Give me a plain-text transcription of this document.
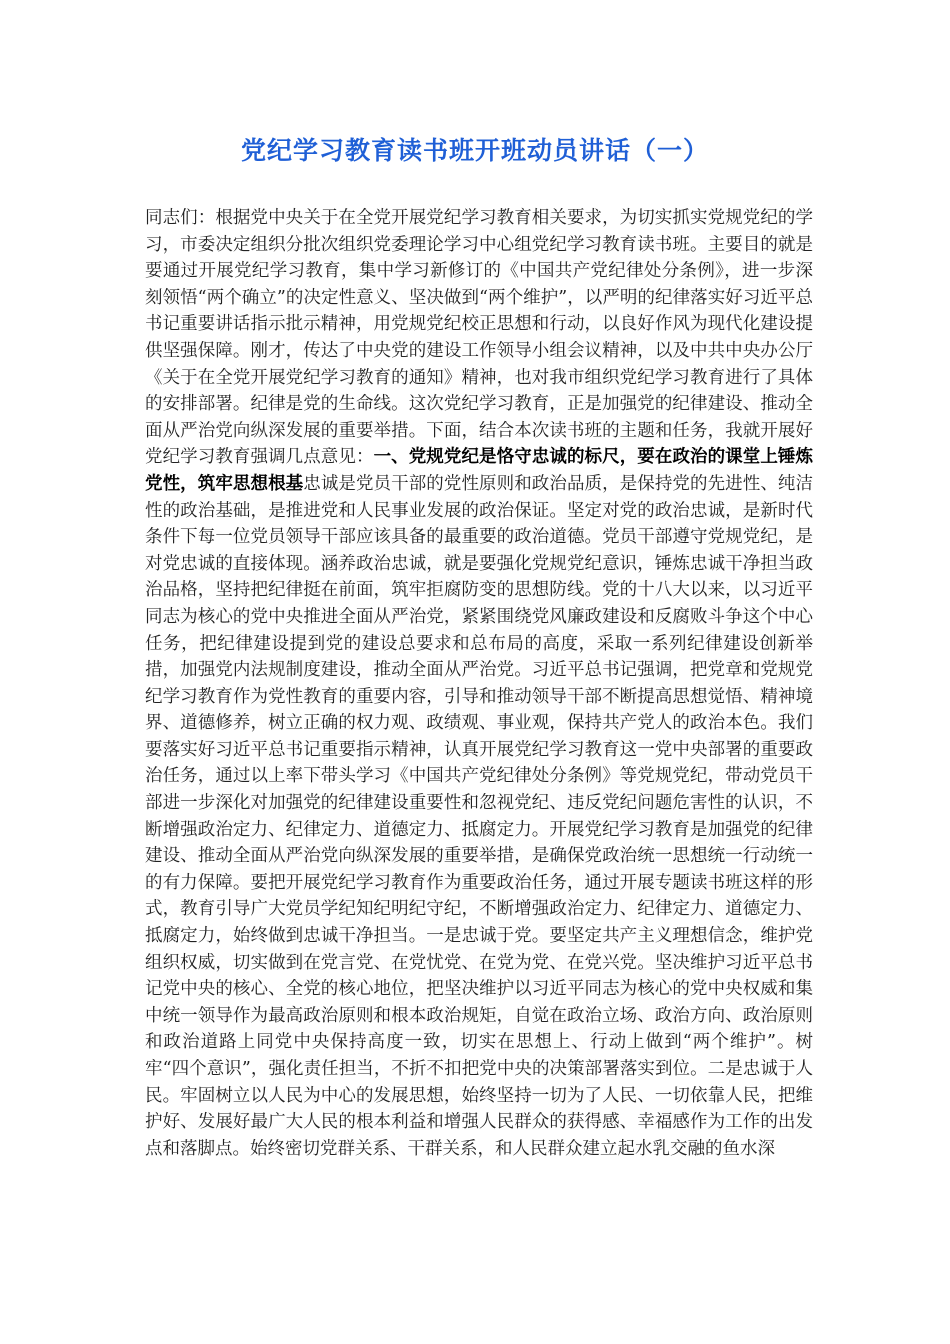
党纪学习教育读书班开班动员讲话（一）

同志们：根据党中央关于在全党开展党纪学习教育相关要求，为切实抓实党规党纪的学习，市委决定组织分批次组织党委理论学习中心组党纪学习教育读书班。主要目的就是要通过开展党纪学习教育，集中学习新修订的《中国共产党纪律处分条例》，进一步深刻领悟“两个确立”的决定性意义、坚决做到“两个维护”，以严明的纪律落实好习近平总书记重要讲话指示批示精神，用党规党纪校正思想和行动，以良好作风为现代化建设提供坚强保障。刚才，传达了中央党的建设工作领导小组会议精神，以及中共中央办公厅《关于在全党开展党纪学习教育的通知》精神，也对我市组织党纪学习教育进行了具体的安排部署。纪律是党的生命线。这次党纪学习教育，正是加强党的纪律建设、推动全面从严治党向纵深发展的重要举措。下面，结合本次读书班的主题和任务，我就开展好党纪学习教育强调几点意见：一、党规党纪是恪守忠诚的标尺，要在政治的课堂上锤炼党性，筑牢思想根基忠诚是党员干部的党性原则和政治品质，是保持党的先进性、纯洁性的政治基础，是推进党和人民事业发展的政治保证。坚定对党的政治忠诚，是新时代条件下每一位党员领导干部应该具备的最重要的政治道德。党员干部遵守党规党纪，是对党忠诚的直接体现。涵养政治忠诚，就是要强化党规党纪意识，锤炼忠诚干净担当政治品格，坚持把纪律挺在前面，筑牢拒腐防变的思想防线。党的十八大以来，以习近平同志为核心的党中央推进全面从严治党，紧紧围绕党风廉政建设和反腐败斗争这个中心任务，把纪律建设提到党的建设总要求和总布局的高度，采取一系列纪律建设创新举措，加强党内法规制度建设，推动全面从严治党。习近平总书记强调，把党章和党规党纪学习教育作为党性教育的重要内容，引导和推动领导干部不断提高思想觉悟、精神境界、道德修养，树立正确的权力观、政绩观、事业观，保持共产党人的政治本色。我们要落实好习近平总书记重要指示精神，认真开展党纪学习教育这一党中央部署的重要政治任务，通过以上率下带头学习《中国共产党纪律处分条例》等党规党纪，带动党员干部进一步深化对加强党的纪律建设重要性和忽视党纪、违反党纪问题危害性的认识，不断增强政治定力、纪律定力、道德定力、抵腐定力。开展党纪学习教育是加强党的纪律建设、推动全面从严治党向纵深发展的重要举措，是确保党政治统一思想统一行动统一的有力保障。要把开展党纪学习教育作为重要政治任务，通过开展专题读书班这样的形式，教育引导广大党员学纪知纪明纪守纪，不断增强政治定力、纪律定力、道德定力、抵腐定力，始终做到忠诚干净担当。一是忠诚于党。要坚定共产主义理想信念，维护党组织权威，切实做到在党言党、在党忧党、在党为党、在党兴党。坚决维护习近平总书记党中央的核心、全党的核心地位，把坚决维护以习近平同志为核心的党中央权威和集中统一领导作为最高政治原则和根本政治规矩，自觉在政治立场、政治方向、政治原则和政治道路上同党中央保持高度一致，切实在思想上、行动上做到“两个维护”。树牢“四个意识”，强化责任担当，不折不扣把党中央的决策部署落实到位。二是忠诚于人民。牢固树立以人民为中心的发展思想，始终坚持一切为了人民、一切依靠人民，把维护好、发展好最广大人民的根本利益和增强人民群众的获得感、幸福感作为工作的出发点和落脚点。始终密切党群关系、干群关系，和人民群众建立起水乳交融的鱼水深
